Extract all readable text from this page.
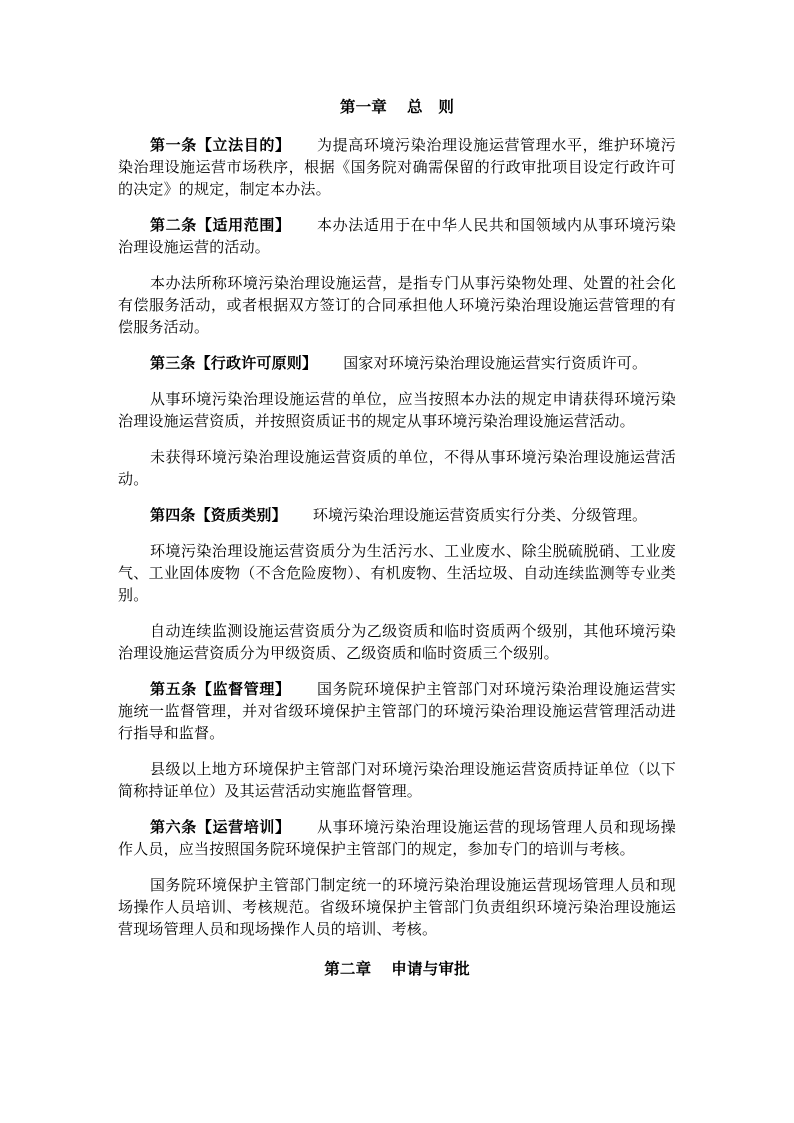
第一章 总　则

第一条【立法目的】 为提高环境污染治理设施运营管理水平，维护环境污染治理设施运营市场秩序，根据《国务院对确需保留的行政审批项目设定行政许可的决定》的规定，制定本办法。

第二条【适用范围】 本办法适用于在中华人民共和国领域内从事环境污染治理设施运营的活动。

本办法所称环境污染治理设施运营，是指专门从事污染物处理、处置的社会化有偿服务活动，或者根据双方签订的合同承担他人环境污染治理设施运营管理的有偿服务活动。

第三条【行政许可原则】 国家对环境污染治理设施运营实行资质许可。

从事环境污染治理设施运营的单位，应当按照本办法的规定申请获得环境污染治理设施运营资质，并按照资质证书的规定从事环境污染治理设施运营活动。

未获得环境污染治理设施运营资质的单位，不得从事环境污染治理设施运营活动。

第四条【资质类别】 环境污染治理设施运营资质实行分类、分级管理。

环境污染治理设施运营资质分为生活污水、工业废水、除尘脱硫脱硝、工业废气、工业固体废物（不含危险废物）、有机废物、生活垃圾、自动连续监测等专业类别。

自动连续监测设施运营资质分为乙级资质和临时资质两个级别，其他环境污染治理设施运营资质分为甲级资质、乙级资质和临时资质三个级别。

第五条【监督管理】 国务院环境保护主管部门对环境污染治理设施运营实施统一监督管理，并对省级环境保护主管部门的环境污染治理设施运营管理活动进行指导和监督。

县级以上地方环境保护主管部门对环境污染治理设施运营资质持证单位（以下简称持证单位）及其运营活动实施监督管理。

第六条【运营培训】 从事环境污染治理设施运营的现场管理人员和现场操作人员，应当按照国务院环境保护主管部门的规定，参加专门的培训与考核。

国务院环境保护主管部门制定统一的环境污染治理设施运营现场管理人员和现场操作人员培训、考核规范。省级环境保护主管部门负责组织环境污染治理设施运营现场管理人员和现场操作人员的培训、考核。

第二章 申请与审批
